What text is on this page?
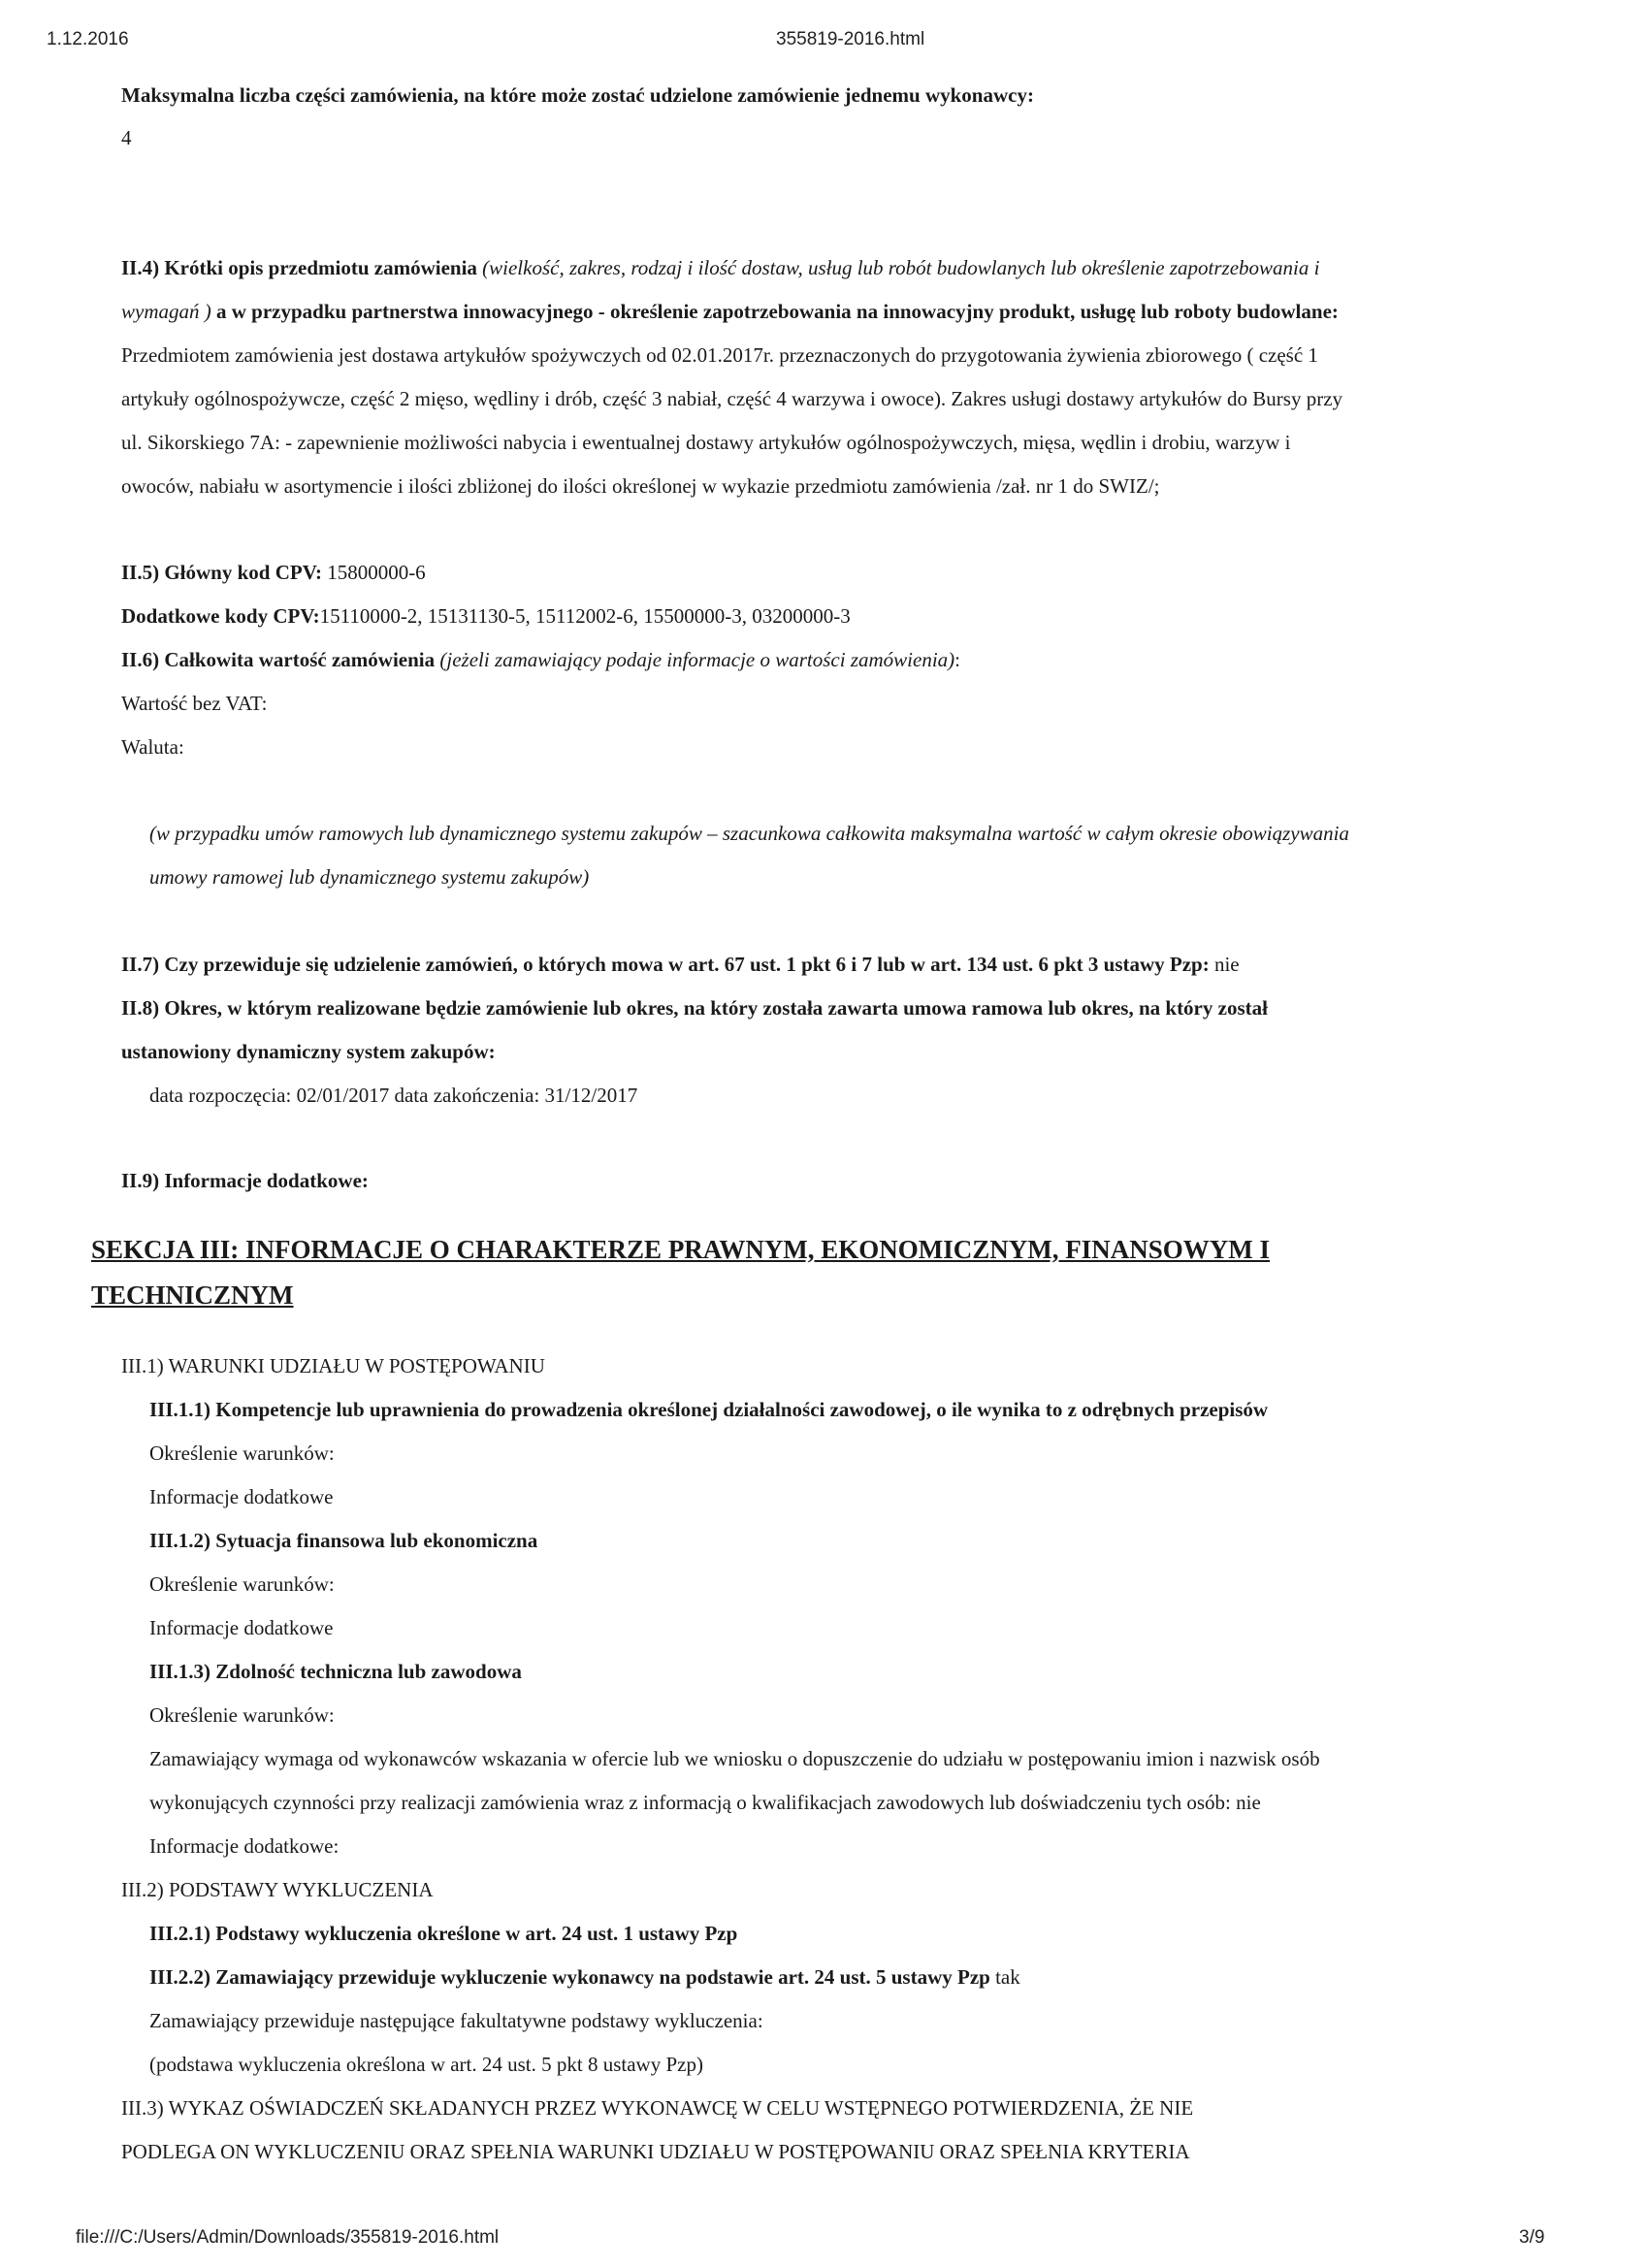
1.12.2016	355819-2016.html
Maksymalna liczba części zamówienia, na które może zostać udzielone zamówienie jednemu wykonawcy:
4
II.4) Krótki opis przedmiotu zamówienia (wielkość, zakres, rodzaj i ilość dostaw, usług lub robót budowlanych lub określenie zapotrzebowania i
wymagań ) a w przypadku partnerstwa innowacyjnego - określenie zapotrzebowania na innowacyjny produkt, usługę lub roboty budowlane:
Przedmiotem zamówienia jest dostawa artykułów spożywczych od 02.01.2017r. przeznaczonych do przygotowania żywienia zbiorowego ( część 1
artykuły ogólnospożywcze, część 2 mięso, wędliny i drób, część 3 nabiał, część 4 warzywa i owoce). Zakres usługi dostawy artykułów do Bursy przy
ul. Sikorskiego 7A: - zapewnienie możliwości nabycia i ewentualnej dostawy artykułów ogólnospożywczych, mięsa, wędlin i drobiu, warzyw i
owoców, nabiału w asortymencie i ilości zbliżonej do ilości określonej w wykazie przedmiotu zamówienia /zał. nr 1 do SWIZ/;
II.5) Główny kod CPV: 15800000-6
Dodatkowe kody CPV:15110000-2, 15131130-5, 15112002-6, 15500000-3, 03200000-3
II.6) Całkowita wartość zamówienia (jeżeli zamawiający podaje informacje o wartości zamówienia):
Wartość bez VAT:
Waluta:
(w przypadku umów ramowych lub dynamicznego systemu zakupów – szacunkowa całkowita maksymalna wartość w całym okresie obowiązywania
umowy ramowej lub dynamicznego systemu zakupów)
II.7) Czy przewiduje się udzielenie zamówień, o których mowa w art. 67 ust. 1 pkt 6 i 7 lub w art. 134 ust. 6 pkt 3 ustawy Pzp: nie
II.8) Okres, w którym realizowane będzie zamówienie lub okres, na który została zawarta umowa ramowa lub okres, na który został
ustanowiony dynamiczny system zakupów:
data rozpoczęcia: 02/01/2017 data zakończenia: 31/12/2017
II.9) Informacje dodatkowe:
SEKCJA III: INFORMACJE O CHARAKTERZE PRAWNYM, EKONOMICZNYM, FINANSOWYM I
TECHNICZNYM
III.1) WARUNKI UDZIAŁU W POSTĘPOWANIU
III.1.1) Kompetencje lub uprawnienia do prowadzenia określonej działalności zawodowej, o ile wynika to z odrębnych przepisów
Określenie warunków:
Informacje dodatkowe
III.1.2) Sytuacja finansowa lub ekonomiczna
Określenie warunków:
Informacje dodatkowe
III.1.3) Zdolność techniczna lub zawodowa
Określenie warunków:
Zamawiający wymaga od wykonawców wskazania w ofercie lub we wniosku o dopuszczenie do udziału w postępowaniu imion i nazwisk osób
wykonujących czynności przy realizacji zamówienia wraz z informacją o kwalifikacjach zawodowych lub doświadczeniu tych osób: nie
Informacje dodatkowe:
III.2) PODSTAWY WYKLUCZENIA
III.2.1) Podstawy wykluczenia określone w art. 24 ust. 1 ustawy Pzp
III.2.2) Zamawiający przewiduje wykluczenie wykonawcy na podstawie art. 24 ust. 5 ustawy Pzp tak
Zamawiający przewiduje następujące fakultatywne podstawy wykluczenia:
(podstawa wykluczenia określona w art. 24 ust. 5 pkt 8 ustawy Pzp)
III.3) WYKAZ OŚWIADCZEŃ SKŁADANYCH PRZEZ WYKONAWCĘ W CELU WSTĘPNEGO POTWIERDZENIA, ŻE NIE
PODLEGA ON WYKLUCZENIU ORAZ SPEŁNIA WARUNKI UDZIAŁU W POSTĘPOWANIU ORAZ SPEŁNIA KRYTERIA
file:///C:/Users/Admin/Downloads/355819-2016.html	3/9
